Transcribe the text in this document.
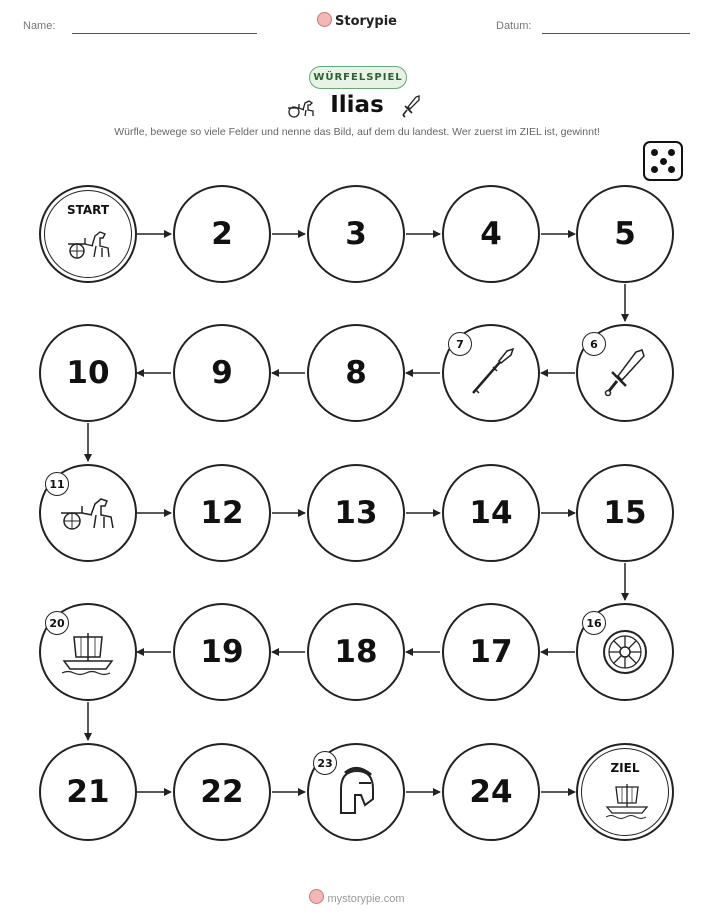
Name:	Storypie	Datum:
WÜRFELSPIEL
Ilias
Würfle, bewege so viele Felder und nenne das Bild, auf dem du landest. Wer zuerst im ZIEL ist, gewinnt!
START
2	3	4	5
10	9	8
7	6
11
12	13	14	15
20
19	18	17
16
21	22
23
24
ZIEL
mystorypie.com
